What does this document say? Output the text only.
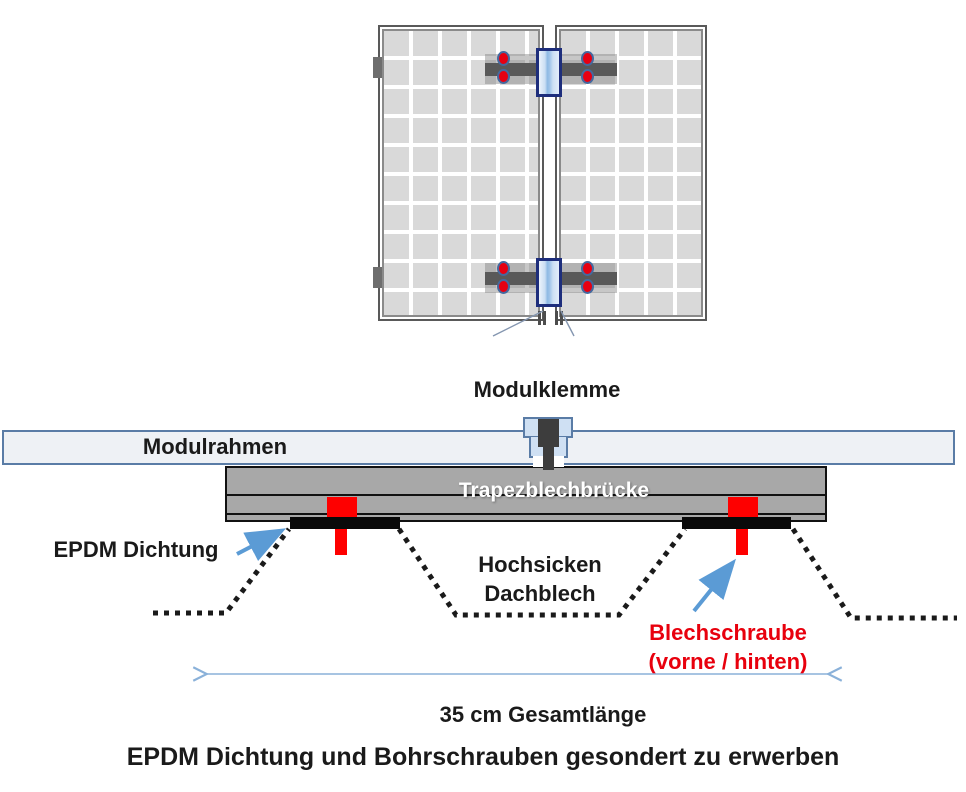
Modulklemme
Modulrahmen
Trapezblechbrücke
EPDM Dichtung
Hochsicken
Dachblech
Blechschraube
(vorne / hinten)
35 cm Gesamtlänge
EPDM Dichtung und Bohrschrauben gesondert zu erwerben
